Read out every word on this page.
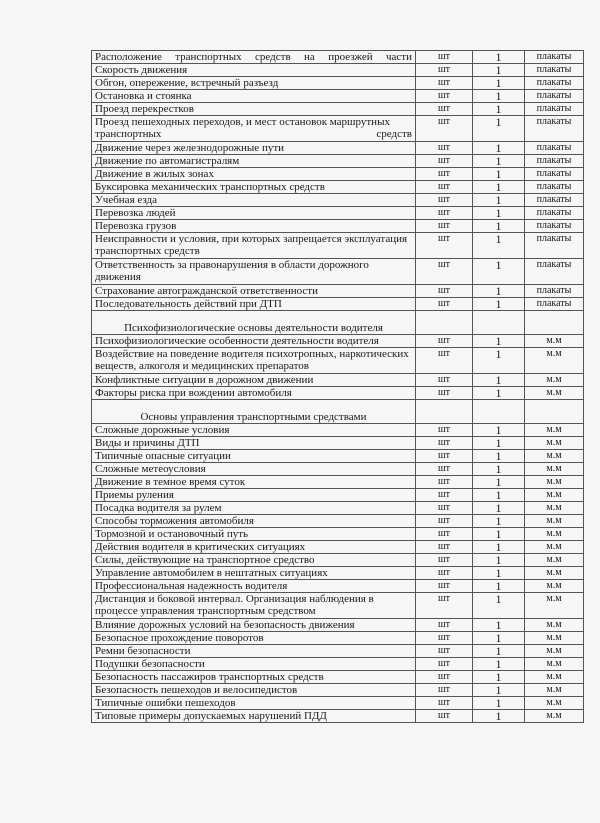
Расположение транспортных средств на проезжей части	шт	1	плакаты
Скорость движения	шт	1	плакаты
Обгон, опережение, встречный разъезд	шт	1	плакаты
Остановка и стоянка	шт	1	плакаты
Проезд перекрестков	шт	1	плакаты
Проезд пешеходных переходов, и мест остановок маршрутных транспортных средств	шт	1	плакаты
Движение через железнодорожные пути	шт	1	плакаты
Движение по автомагистралям	шт	1	плакаты
Движение в жилых зонах	шт	1	плакаты
Буксировка механических транспортных средств	шт	1	плакаты
Учебная езда	шт	1	плакаты
Перевозка людей	шт	1	плакаты
Перевозка грузов	шт	1	плакаты
Неисправности и условия, при которых запрещается эксплуатация транспортных средств	шт	1	плакаты
Ответственность за правонарушения в области дорожного движения	шт	1	плакаты
Страхование автогражданской ответственности	шт	1	плакаты
Последовательность действий при ДТП	шт	1	плакаты
Психофизиологические основы деятельности водителя			
Психофизиологические особенности деятельности водителя	шт	1	м.м
Воздействие на поведение водителя психотропных, наркотических веществ, алкоголя и медицинских препаратов	шт	1	м.м
Конфликтные ситуации в дорожном движении	шт	1	м.м
Факторы риска при вождении автомобиля	шт	1	м.м
Основы управления транспортными средствами			
Сложные дорожные условия	шт	1	м.м
Виды и причины ДТП	шт	1	м.м
Типичные опасные ситуации	шт	1	м.м
Сложные метеоусловия	шт	1	м.м
Движение в темное время суток	шт	1	м.м
Приемы руления	шт	1	м.м
Посадка водителя за рулем	шт	1	м.м
Способы торможения автомобиля	шт	1	м.м
Тормозной и остановочный путь	шт	1	м.м
Действия водителя в критических ситуациях	шт	1	м.м
Силы, действующие на транспортное средство	шт	1	м.м
Управление автомобилем в нештатных ситуациях	шт	1	м.м
Профессиональная надежность водителя	шт	1	м.м
Дистанция и боковой интервал. Организация наблюдения в процессе управления транспортным средством	шт	1	м.м
Влияние дорожных условий на безопасность движения	шт	1	м.м
Безопасное прохождение поворотов	шт	1	м.м
Ремни безопасности	шт	1	м.м
Подушки безопасности	шт	1	м.м
Безопасность пассажиров транспортных средств	шт	1	м.м
Безопасность пешеходов и велосипедистов	шт	1	м.м
Типичные ошибки пешеходов	шт	1	м.м
Типовые примеры допускаемых нарушений ПДД	шт	1	м.м
